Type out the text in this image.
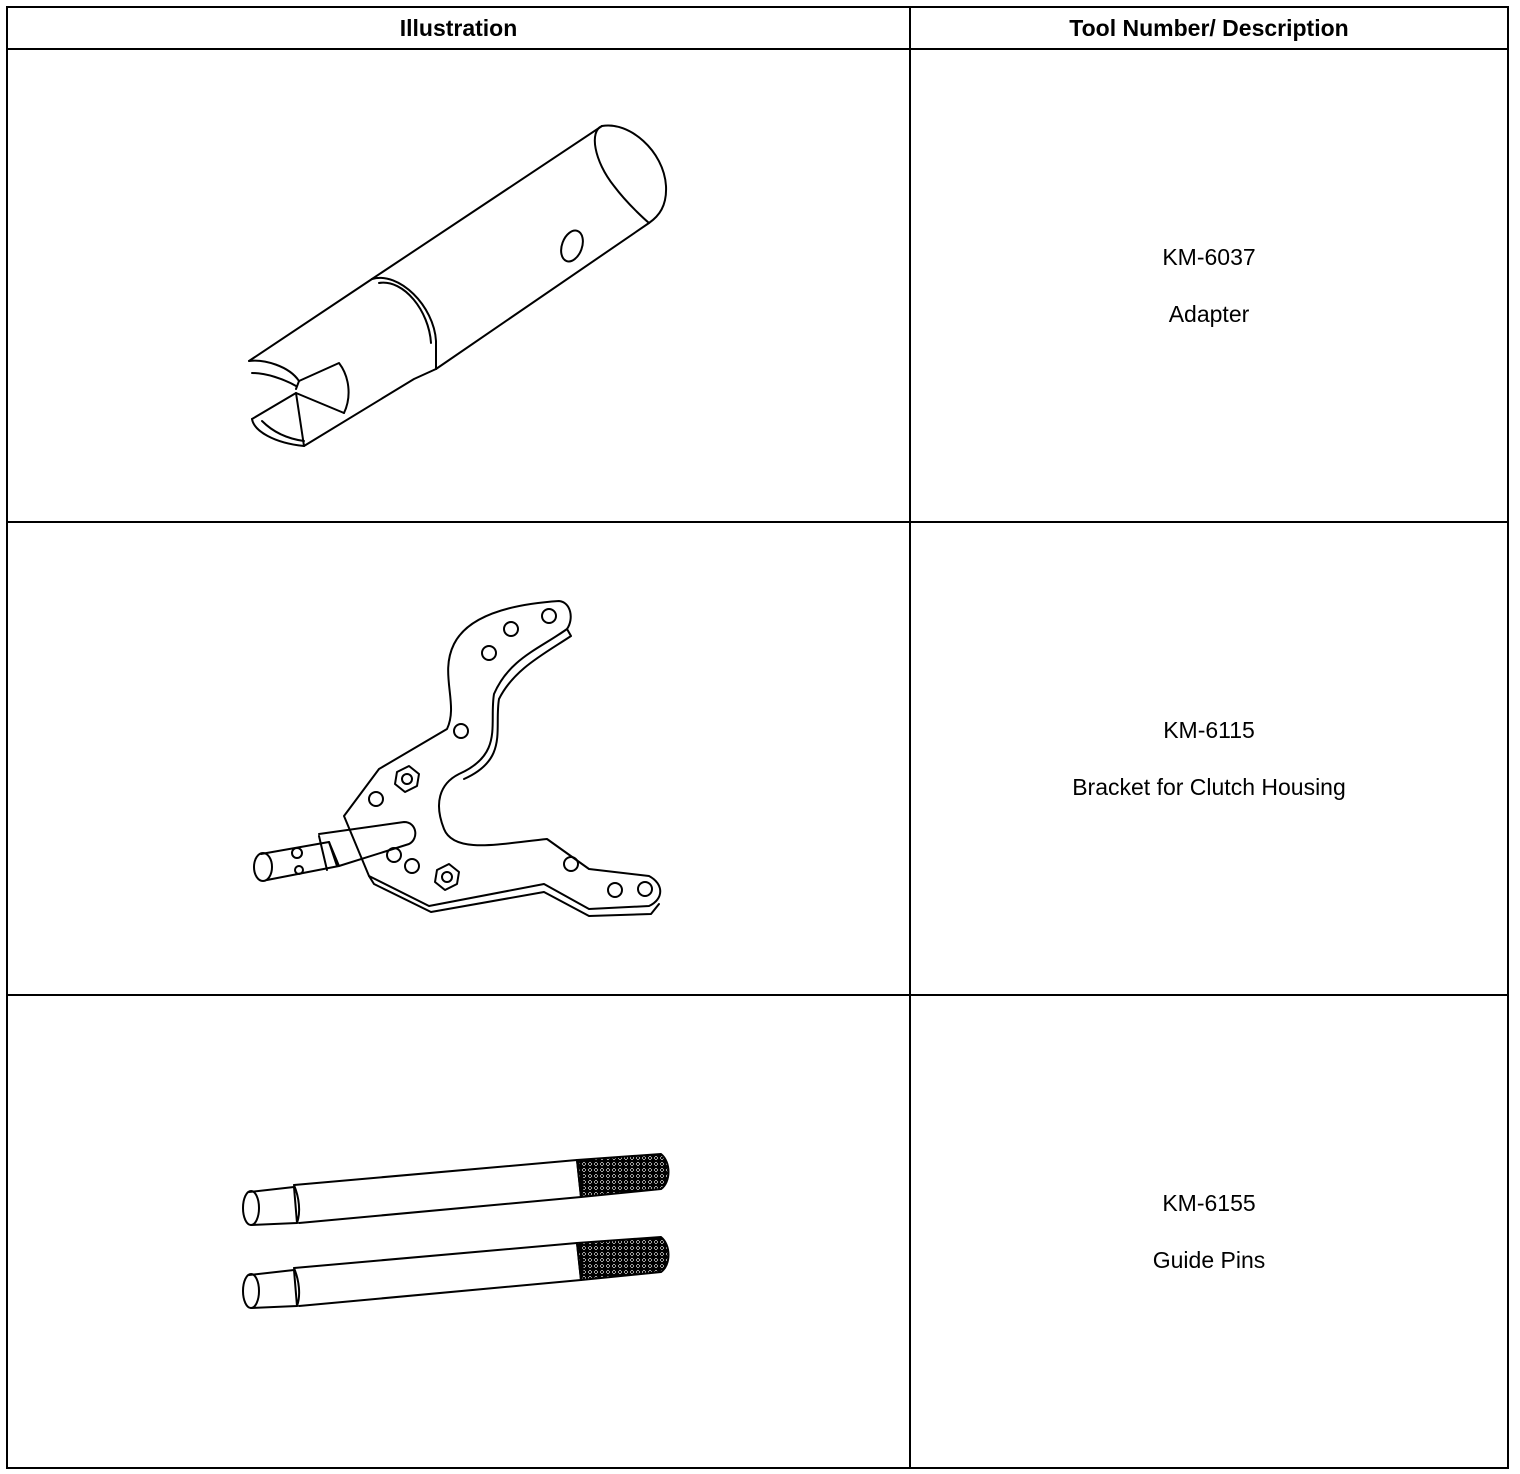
Illustration	Tool Number/ Description

KM-6037
Adapter

KM-6115
Bracket for Clutch Housing

KM-6155
Guide Pins
